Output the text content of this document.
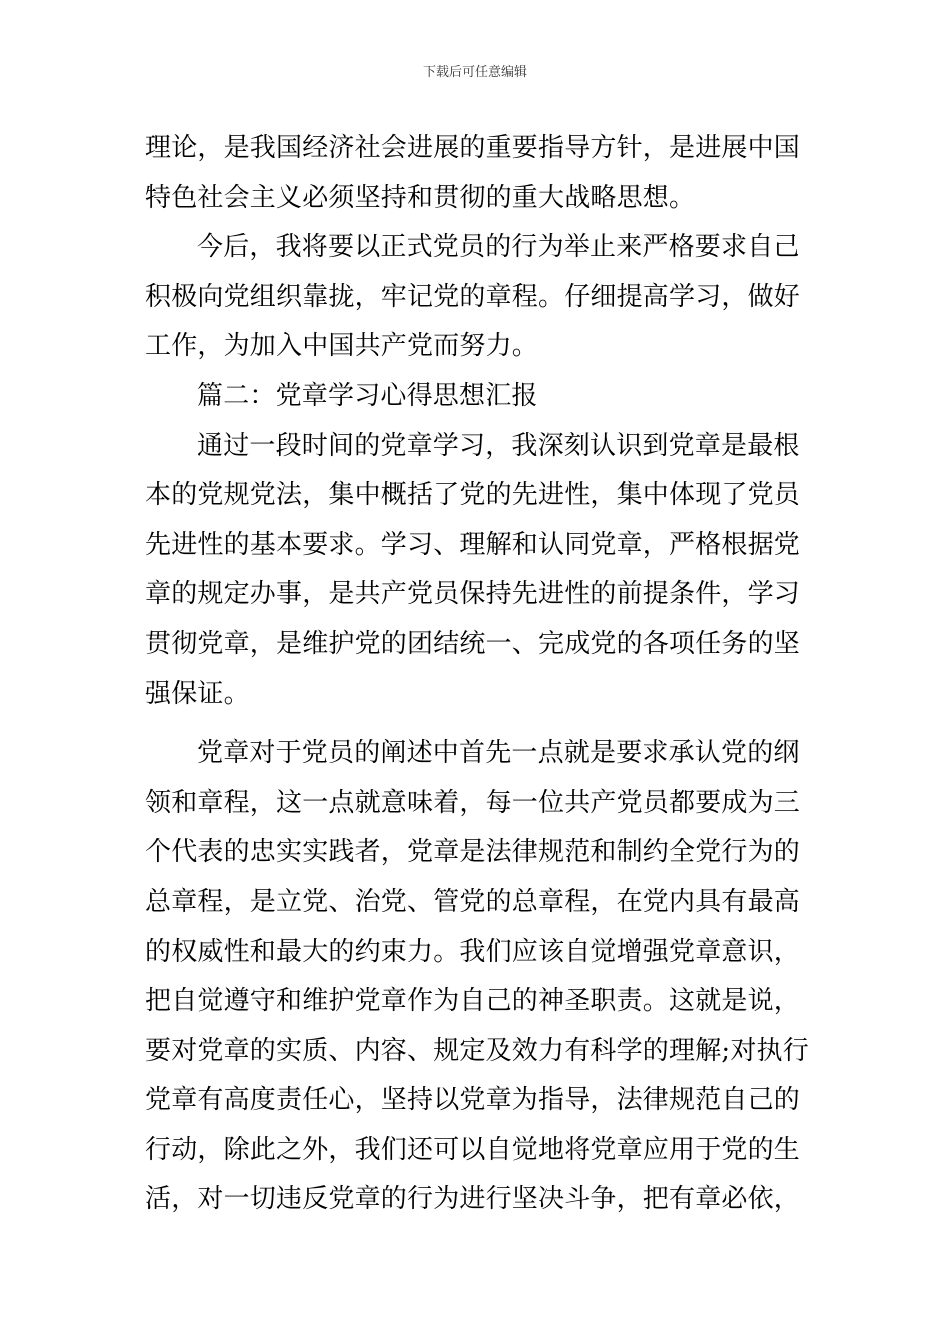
下载后可任意编辑
理论，是我国经济社会进展的重要指导方针，是进展中国
特色社会主义必须坚持和贯彻的重大战略思想。
今后，我将要以正式党员的行为举止来严格要求自己
积极向党组织靠拢，牢记党的章程。仔细提高学习，做好
工作，为加入中国共产党而努力。
篇二：党章学习心得思想汇报
通过一段时间的党章学习，我深刻认识到党章是最根
本的党规党法，集中概括了党的先进性，集中体现了党员
先进性的基本要求。学习、理解和认同党章，严格根据党
章的规定办事，是共产党员保持先进性的前提条件，学习
贯彻党章，是维护党的团结统一、完成党的各项任务的坚
强保证。
党章对于党员的阐述中首先一点就是要求承认党的纲
领和章程，这一点就意味着，每一位共产党员都要成为三
个代表的忠实实践者，党章是法律规范和制约全党行为的
总章程，是立党、治党、管党的总章程，在党内具有最高
的权威性和最大的约束力。我们应该自觉增强党章意识，
把自觉遵守和维护党章作为自己的神圣职责。这就是说，
要对党章的实质、内容、规定及效力有科学的理解;对执行
党章有高度责任心，坚持以党章为指导，法律规范自己的
行动，除此之外，我们还可以自觉地将党章应用于党的生
活，对一切违反党章的行为进行坚决斗争，把有章必依，
